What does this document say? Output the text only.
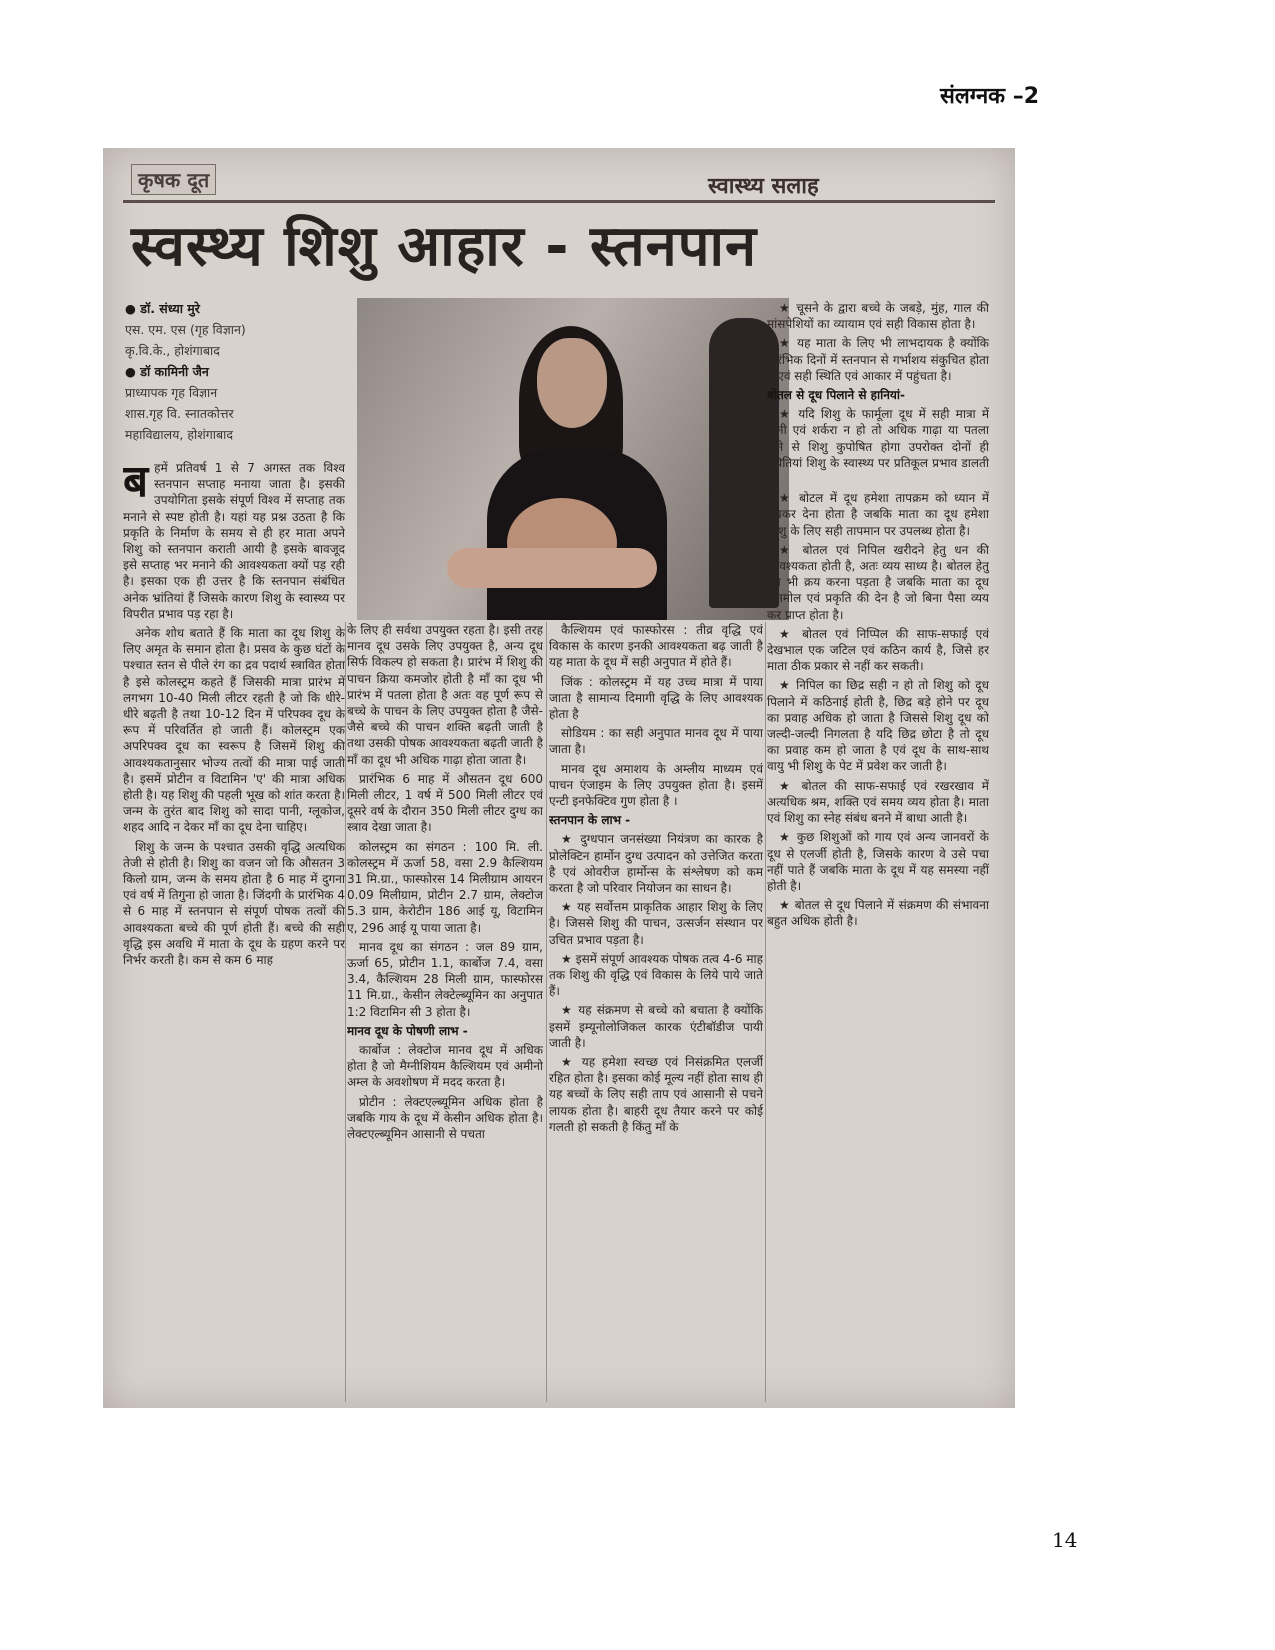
संलग्नक –2
कृषक दूत	स्वास्थ्य सलाह
स्वस्थ्य शिशु आहार - स्तनपान
● डॉ. संध्या मुरे
एस. एम. एस (गृह विज्ञान)
कृ.वि.के., होशंगाबाद
● डॉ कामिनी जैन
प्राध्यापक गृह विज्ञान
शास.गृह वि. स्नातकोत्तर
महाविद्यालय, होशंगाबाद
ब हमें प्रतिवर्ष 1 से 7 अगस्त तक विश्व स्तनपान सप्ताह मनाया जाता है। इसकी उपयोगिता इसके संपूर्ण विश्व में सप्ताह तक मनाने से स्पष्ट होती है। यहां यह प्रश्न उठता है कि प्रकृति के निर्माण के समय से ही हर माता अपने शिशु को स्तनपान कराती आयी है इसके बावजूद इसे सप्ताह भर मनाने की आवश्यकता क्यों पड़ रही है। इसका एक ही उत्तर है कि स्तनपान संबंधित अनेक भ्रांतियां हैं जिसके कारण शिशु के स्वास्थ्य पर विपरीत प्रभाव पड़ रहा है।

अनेक शोध बताते हैं कि माता का दूध शिशु के लिए अमृत के समान होता है। प्रसव के कुछ घंटों के पश्चात स्तन से पीले रंग का द्रव पदार्थ स्त्रावित होता है इसे कोलस्ट्रम कहते हैं जिसकी मात्रा प्रारंभ में लगभग 10-40 मिली लीटर रहती है जो कि धीरे-धीरे बढ़ती है तथा 10-12 दिन में परिपक्व दूध के रूप में परिवर्तित हो जाती हैं। कोलस्ट्रम एक अपरिपक्व दूध का स्वरूप है जिसमें शिशु की आवश्यकतानुसार भोज्य तत्वों की मात्रा पाई जाती है। इसमें प्रोटीन व विटामिन 'ए' की मात्रा अधिक होती है। यह शिशु की पहली भूख को शांत करता है। जन्म के तुरंत बाद शिशु को सादा पानी, ग्लूकोज, शहद आदि न देकर माँ का दूध देना चाहिए।

शिशु के जन्म के पश्चात उसकी वृद्धि अत्यधिक तेजी से होती है। शिशु का वजन जो कि औसतन 3 किलो ग्राम, जन्म के समय होता है 6 माह में दुगना एवं वर्ष में तिगुना हो जाता है। जिंदगी के प्रारंभिक 4 से 6 माह में स्तनपान से संपूर्ण पोषक तत्वों की आवश्यकता बच्चे की पूर्ण होती हैं। बच्चे की सही वृद्धि इस अवधि में माता के दूध के ग्रहण करने पर निर्भर करती है। कम से कम 6 माह

के लिए ही सर्वथा उपयुक्त रहता है। इसी तरह मानव दूध उसके लिए उपयुक्त है, अन्य दूध सिर्फ विकल्प हो सकता है। प्रारंभ में शिशु की पाचन क्रिया कमजोर होती है माँ का दूध भी प्रारंभ में पतला होता है अतः वह पूर्ण रूप से बच्चे के पाचन के लिए उपयुक्त होता है जैसे-जैसे बच्चे की पाचन शक्ति बढ़ती जाती है तथा उसकी पोषक आवश्यकता बढ़ती जाती है माँ का दूध भी अधिक गाढ़ा होता जाता है।

प्रारंभिक 6 माह में औसतन दूध 600 मिली लीटर, 1 वर्ष में 500 मिली लीटर एवं दूसरे वर्ष के दौरान 350 मिली लीटर दुग्ध का स्त्राव देखा जाता है।

कोलस्ट्रम का संगठन : 100 मि. ली. कोलस्ट्रम में ऊर्जा 58, वसा 2.9 कैल्शियम 31 मि.ग्रा., फास्फोरस 14 मिलीग्राम आयरन 0.09 मिलीग्राम, प्रोटीन 2.7 ग्राम, लेक्टोज 5.3 ग्राम, केरोटीन 186 आई यू, विटामिन ए, 296 आई यू पाया जाता है।

मानव दूध का संगठन : जल 89 ग्राम, ऊर्जा 65, प्रोटीन 1.1, कार्बोज 7.4, वसा 3.4, कैल्शियम 28 मिली ग्राम, फास्फोरस 11 मि.ग्रा., केसीन लेक्टेल्ब्यूमिन का अनुपात 1:2 विटामिन सी 3 होता है।

मानव दूध के पोषणी लाभ -

कार्बोज : लेक्टोज मानव दूध में अधिक होता है जो मैग्नीशियम कैल्शियम एवं अमीनो अम्ल के अवशोषण में मदद करता है।

प्रोटीन : लेक्टएल्ब्यूमिन अधिक होता है जबकि गाय के दूध में केसीन अधिक होता है। लेक्टएल्ब्यूमिन आसानी से पचता

कैल्शियम एवं फास्फोरस : तीव्र वृद्धि एवं विकास के कारण इनकी आवश्यकता बढ़ जाती है यह माता के दूध में सही अनुपात में होते हैं।

जिंक : कोलस्ट्रम में यह उच्च मात्रा में पाया जाता है सामान्य दिमागी वृद्धि के लिए आवश्यक होता है

सोडियम : का सही अनुपात मानव दूध में पाया जाता है।

मानव दूध अमाशय के अम्लीय माध्यम एवं पाचन एंजाइम के लिए उपयुक्त होता है। इसमें एन्टी इनफेक्टिव गुण होता है ।

स्तनपान के लाभ -

★ दुग्धपान जनसंख्या नियंत्रण का कारक है प्रोलेक्टिन हार्मोन दुग्ध उत्पादन को उत्तेजित करता है एवं ओवरीज हार्मोन्स के संश्लेषण को कम करता है जो परिवार नियोजन का साधन है।

★ यह सर्वोत्तम प्राकृतिक आहार शिशु के लिए है। जिससे शिशु की पाचन, उत्सर्जन संस्थान पर उचित प्रभाव पड़ता है।

★ इसमें संपूर्ण आवश्यक पोषक तत्व 4-6 माह तक शिशु की वृद्धि एवं विकास के लिये पाये जाते हैं।

★ यह संक्रमण से बच्चे को बचाता है क्योंकि इसमें इम्यूनोलोजिकल कारक एंटीबॉडीज पायी जाती है।

★ यह हमेशा स्वच्छ एवं निसंक्रमित एलर्जी रहित होता है। इसका कोई मूल्य नहीं होता साथ ही यह बच्चों के लिए सही ताप एवं आसानी से पचने लायक होता है। बाहरी दूध तैयार करने पर कोई गलती हो सकती है किंतु माँ के

★ चूसने के द्वारा बच्चे के जबड़े, मुंह, गाल की मांसपेशियों का व्यायाम एवं सही विकास होता है।

★ यह माता के लिए भी लाभदायक है क्योंकि प्रारंभिक दिनों में स्तनपान से गर्भाशय संकुचित होता है एवं सही स्थिति एवं आकार में पहुंचता है।

बोतल से दूध पिलाने से हानियां-

★ यदि शिशु के फार्मूला दूध में सही मात्रा में पानी एवं शर्करा न हो तो अधिक गाढ़ा या पतला होने से शिशु कुपोषित होगा उपरोक्त दोनों ही स्थितियां शिशु के स्वास्थ्य पर प्रतिकूल प्रभाव डालती है।

★ बोटल में दूध हमेशा तापक्रम को ध्यान में रखकर देना होता है जबकि माता का दूध हमेशा शिशु के लिए सही तापमान पर उपलब्ध होता है।

★ बोतल एवं निपिल खरीदने हेतु धन की आवश्यकता होती है, अतः व्यय साध्य है। बोतल हेतु दूध भी क्रय करना पड़ता है जबकि माता का दूध अनमोल एवं प्रकृति की देन है जो बिना पैसा व्यय कर प्राप्त होता है।

★ बोतल एवं निप्पिल की साफ-सफाई एवं देखभाल एक जटिल एवं कठिन कार्य है, जिसे हर माता ठीक प्रकार से नहीं कर सकती।

★ निपिल का छिद्र सही न हो तो शिशु को दूध पिलाने में कठिनाई होती है, छिद्र बड़े होने पर दूध का प्रवाह अधिक हो जाता है जिससे शिशु दूध को जल्दी-जल्दी निगलता है यदि छिद्र छोटा है तो दूध का प्रवाह कम हो जाता है एवं दूध के साथ-साथ वायु भी शिशु के पेट में प्रवेश कर जाती है।

★ बोतल की साफ-सफाई एवं रखरखाव में अत्यधिक श्रम, शक्ति एवं समय व्यय होता है। माता एवं शिशु का स्नेह संबंध बनने में बाधा आती है।

★ कुछ शिशुओं को गाय एवं अन्य जानवरों के दूध से एलर्जी होती है, जिसके कारण वे उसे पचा नहीं पाते हैं जबकि माता के दूध में यह समस्या नहीं होती है।

★ बोतल से दूध पिलाने में संक्रमण की संभावना बहुत अधिक होती है।

14
